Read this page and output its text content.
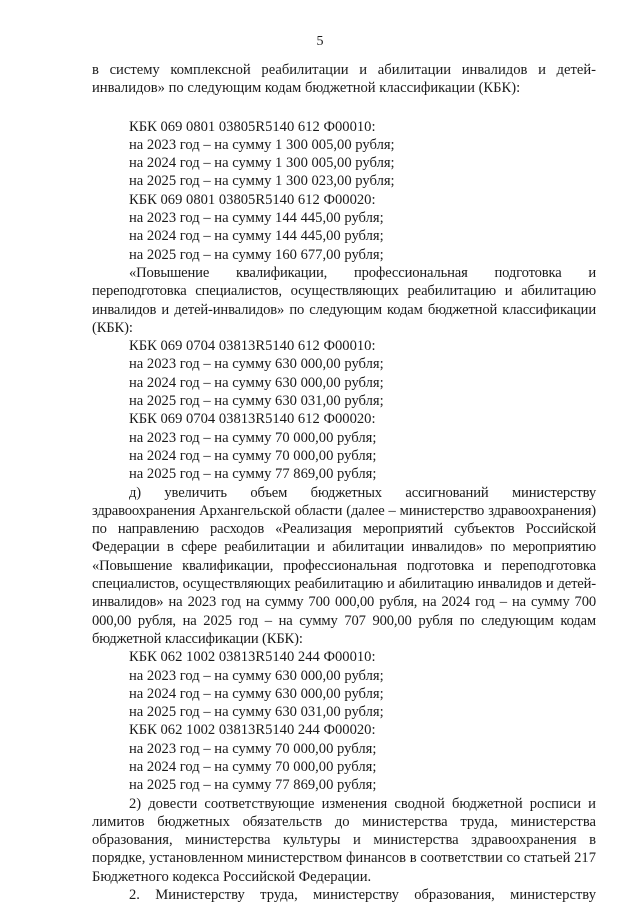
5

в систему комплексной реабилитации и абилитации инвалидов и детей-инвалидов» по следующим кодам бюджетной классификации (КБК):

КБК 069 0801 03805R5140 612 Ф00010:

на 2023 год – на сумму 1 300 005,00 рубля;

на 2024 год – на сумму 1 300 005,00 рубля;

на 2025 год – на сумму 1 300 023,00 рубля;

КБК 069 0801 03805R5140 612 Ф00020:

на 2023 год – на сумму 144 445,00 рубля;

на 2024 год – на сумму 144 445,00 рубля;

на 2025 год – на сумму 160 677,00 рубля;

«Повышение квалификации, профессиональная подготовка и переподготовка специалистов, осуществляющих реабилитацию и абилитацию инвалидов и детей-инвалидов» по следующим кодам бюджетной классификации (КБК):

КБК 069 0704 03813R5140 612 Ф00010:

на 2023 год – на сумму 630 000,00 рубля;

на 2024 год – на сумму 630 000,00 рубля;

на 2025 год – на сумму 630 031,00 рубля;

КБК 069 0704 03813R5140 612 Ф00020:

на 2023 год – на сумму 70 000,00 рубля;

на 2024 год – на сумму 70 000,00 рубля;

на 2025 год – на сумму 77 869,00 рубля;

д) увеличить объем бюджетных ассигнований министерству здравоохранения Архангельской области (далее – министерство здравоохранения) по направлению расходов «Реализация мероприятий субъектов Российской Федерации в сфере реабилитации и абилитации инвалидов» по мероприятию «Повышение квалификации, профессиональная подготовка и переподготовка специалистов, осуществляющих реабилитацию и абилитацию инвалидов и детей-инвалидов» на 2023 год на сумму 700 000,00 рубля, на 2024 год – на сумму 700 000,00 рубля, на 2025 год – на сумму 707 900,00 рубля по следующим кодам бюджетной классификации (КБК):

КБК 062 1002 03813R5140 244 Ф00010:

на 2023 год – на сумму 630 000,00 рубля;

на 2024 год – на сумму 630 000,00 рубля;

на 2025 год – на сумму 630 031,00 рубля;

КБК 062 1002 03813R5140 244 Ф00020:

на 2023 год – на сумму 70 000,00 рубля;

на 2024 год – на сумму 70 000,00 рубля;

на 2025 год – на сумму 77 869,00 рубля;

2) довести соответствующие изменения сводной бюджетной росписи и лимитов бюджетных обязательств до министерства труда, министерства образования, министерства культуры и министерства здравоохранения в порядке, установленном министерством финансов в соответствии со статьей 217 Бюджетного кодекса Российской Федерации.

2. Министерству труда, министерству образования, министерству
